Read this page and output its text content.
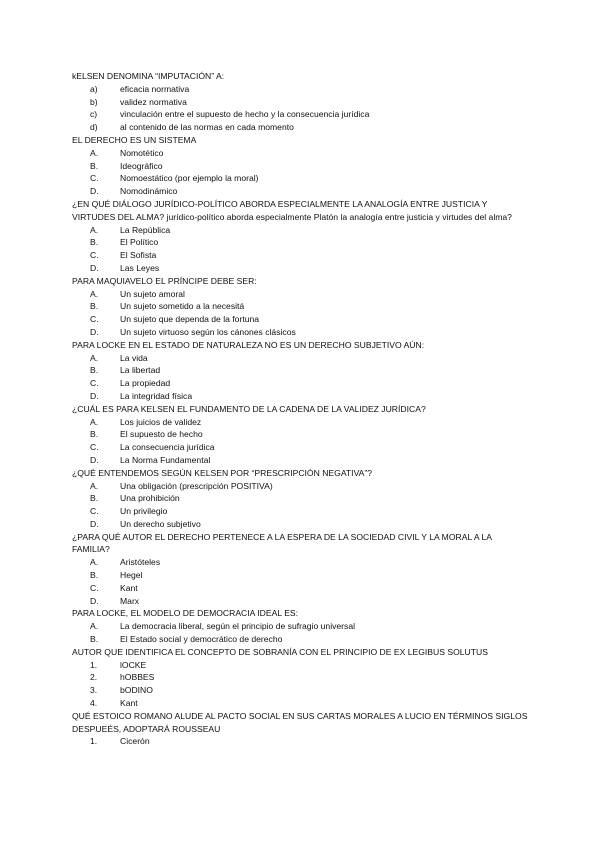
kELSEN DENOMINA “IMPUTACIÓN” A:
a)	eficacia normativa
b)	validez normativa
c)	vinculación entre el supuesto de hecho y la consecuencia jurídica
d)	al contenido de las normas en cada momento
EL DERECHO ES UN SISTEMA
A.	Nomotético
B.	Ideográfico
C.	Nomoestático (por ejemplo la moral)
D.	Nomodinámico
¿EN QUÉ DIÁLOGO JURÍDICO-POLÍTICO ABORDA ESPECIALMENTE LA ANALOGÍA ENTRE JUSTICIA Y VIRTUDES DEL ALMA? jurídico-político aborda especialmente Platón la analogía entre justicia y virtudes del alma?
A.	La República
B.	El Político
C.	El Sofista
D.	Las Leyes
PARA MAQUIAVELO EL PRÍNCIPE DEBE SER:
A.	Un sujeto amoral
B.	Un sujeto sometido a la necesitá
C.	Un sujeto que dependa de la fortuna
D.	Un sujeto virtuoso según los cánones clásicos
PARA LOCKE EN EL ESTADO DE NATURALEZA NO ES UN DERECHO SUBJETIVO AÚN:
A.	La vida
B.	La libertad
C.	La propiedad
D.	La integridad física
¿CUÁL ES PARA KELSEN EL FUNDAMENTO DE LA CADENA DE LA VALIDEZ JURÍDICA?
A.	Los juicios de validez
B.	El supuesto de hecho
C.	La consecuencia jurídica
D.	La Norma Fundamental
¿QUÉ ENTENDEMOS SEGÚN KELSEN POR “PRESCRIPCIÓN NEGATIVA”?
A.	Una obligación (prescripción POSITIVA)
B.	Una prohibición
C.	Un privilegio
D.	Un derecho subjetivo
¿PARA QUÉ AUTOR EL DERECHO PERTENECE A LA ESPERA DE LA SOCIEDAD CIVIL Y LA MORAL A LA FAMILIA?
A.	Aristóteles
B.	Hegel
C.	Kant
D.	Marx
PARA LOCKE, EL MODELO DE DEMOCRACIA IDEAL ES:
A.	La democracia liberal, según el principio de sufragio universal
B.	El Estado social y democrático de derecho
AUTOR QUE IDENTIFICA EL CONCEPTO DE SOBRANÍA CON EL PRINCIPIO DE EX LEGIBUS SOLUTUS
1.	lOCKE
2.	hOBBES
3.	bODINO
4.	Kant
QUÉ ESTOICO ROMANO ALUDE AL PACTO SOCIAL EN SUS CARTAS MORALES A LUCIO EN TÉRMINOS SIGLOS DESPUEÉS, ADOPTARÁ ROUSSEAU
1.	Cicerón
